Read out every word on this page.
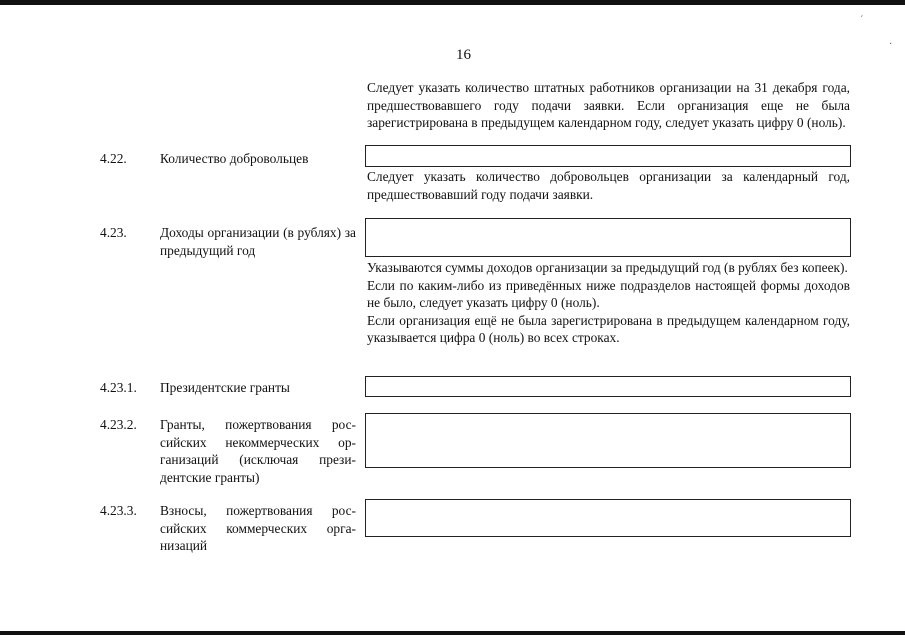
´
·
16

Следует указать количество штатных работников организации на 31 декабря года, предшествовавшего году подачи заявки. Если организация еще не была зарегистрирована в предыдущем календарном году, следует указать цифру 0 (ноль).

4.22. Количество добровольцев

Следует указать количество добровольцев организации за календарный год, предшествовавший году подачи заявки.

4.23. Доходы организации (в рублях) за предыдущий год

Указываются суммы доходов организации за предыдущий год (в рублях без копеек).

Если по каким-либо из приведённых ниже подразделов настоящей формы доходов не было, следует указать цифру 0 (ноль).

Если организация ещё не была зарегистрирована в предыдущем календарном году, указывается цифра 0 (ноль) во всех строках.

4.23.1. Президентские гранты
4.23.2. Гранты, пожертвования российских некоммерческих организаций (исключая президентские гранты)
4.23.3. Взносы, пожертвования российских коммерческих организаций
